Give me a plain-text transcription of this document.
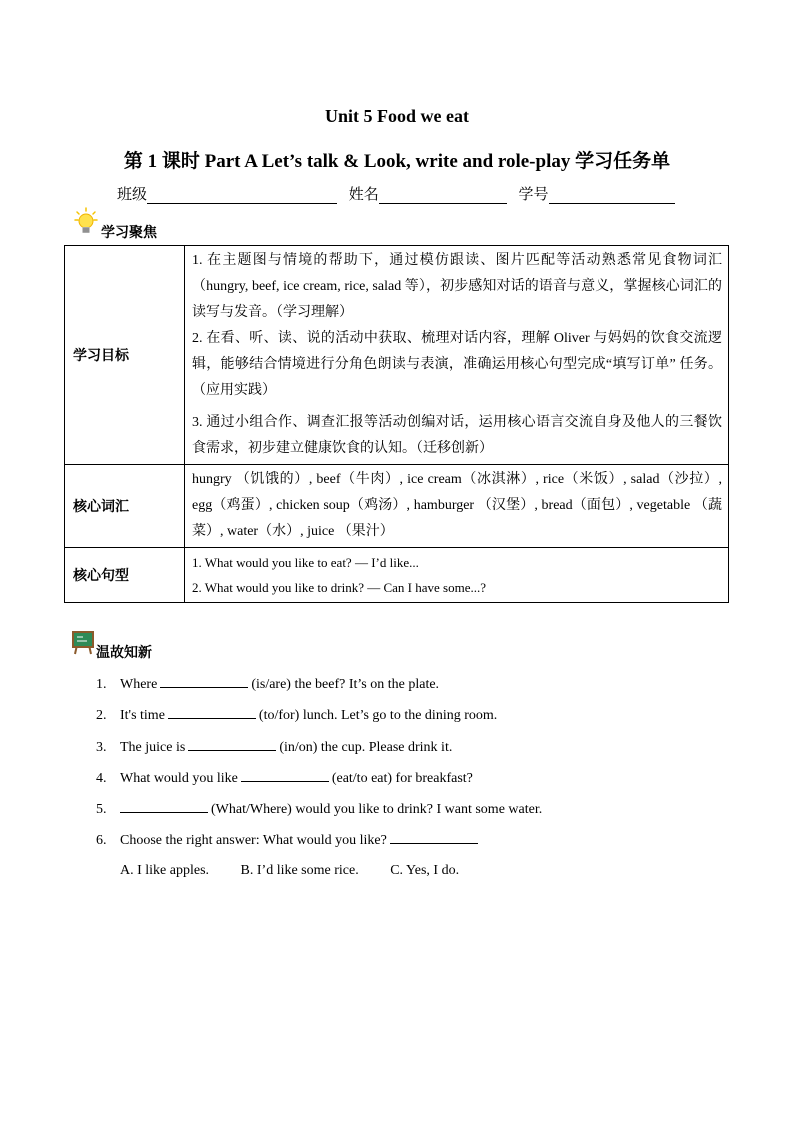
Unit 5 Food we eat
第 1 课时 Part A Let’s talk & Look, write and role-play 学习任务单
班级	姓名	学号
学习聚焦
学习目标	1. 在主题图与情境的帮助下，通过模仿跟读、图片匹配等活动熟悉常见食物词汇（hungry, beef, ice cream, rice, salad 等），初步感知对话的语音与意义，掌握核心词汇的读写与发音。（学习理解）
2. 在看、听、读、说的活动中获取、梳理对话内容，理解 Oliver 与妈妈的饮食交流逻辑，能够结合情境进行分角色朗读与表演，准确运用核心句型完成“填写订单” 任务。（应用实践）
3. 通过小组合作、调查汇报等活动创编对话，运用核心语言交流自身及他人的三餐饮食需求，初步建立健康饮食的认知。（迁移创新）

核心词汇	hungry （饥饿的）, beef（牛肉）, ice cream（冰淇淋）, rice（米饭）, salad（沙拉）, egg（鸡蛋）, chicken soup（鸡汤）, hamburger （汉堡）, bread（面包）, vegetable （蔬菜）, water（水）, juice （果汁）

核心句型	1. What would you like to eat? — I’d like...
2. What would you like to drink? — Can I have some...?
温故知新
1. Where	(is/are) the beef? It’s on the plate.
2. It's time	(to/for) lunch. Let’s go to the dining room.
3. The juice is	(in/on) the cup. Please drink it.
4. What would you like	(eat/to eat) for breakfast?
5.	(What/Where) would you like to drink? I want some water.
6. Choose the right answer: What would you like?
A. I like apples. B. I’d like some rice. C. Yes, I do.
